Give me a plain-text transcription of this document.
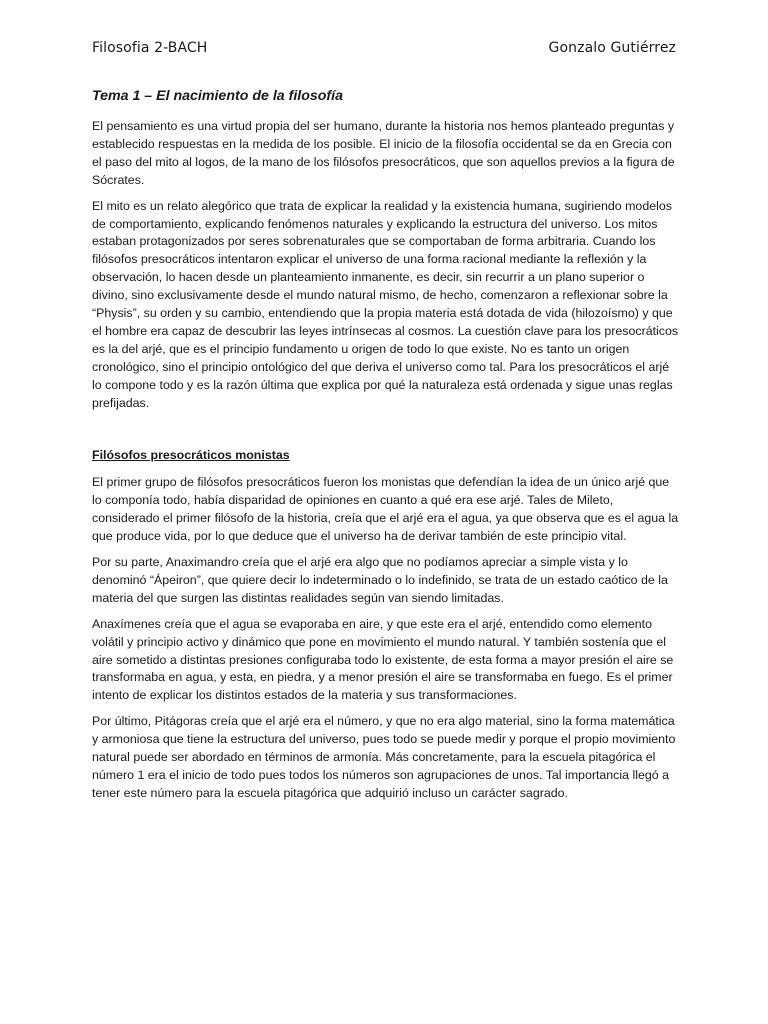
Filosofia 2-BACH	Gonzalo Gutiérrez
Tema 1 – El nacimiento de la filosofía

El pensamiento es una virtud propia del ser humano, durante la historia nos hemos planteado preguntas y establecido respuestas en la medida de los posible. El inicio de la filosofía occidental se da en Grecia con el paso del mito al logos, de la mano de los filósofos presocráticos, que son aquellos previos a la figura de Sócrates.

El mito es un relato alegórico que trata de explicar la realidad y la existencia humana, sugiriendo modelos de comportamiento, explicando fenómenos naturales y explicando la estructura del universo. Los mitos estaban protagonizados por seres sobrenaturales que se comportaban de forma arbitraria. Cuando los filósofos presocráticos intentaron explicar el universo de una forma racional mediante la reflexión y la observación, lo hacen desde un planteamiento inmanente, es decir, sin recurrir a un plano superior o divino, sino exclusivamente desde el mundo natural mismo, de hecho, comenzaron a reflexionar sobre la “Physis”, su orden y su cambio, entendiendo que la propia materia está dotada de vida (hilozoísmo) y que el hombre era capaz de descubrir las leyes intrínsecas al cosmos. La cuestión clave para los presocráticos es la del arjé, que es el principio fundamento u origen de todo lo que existe. No es tanto un origen cronológico, sino el principio ontológico del que deriva el universo como tal. Para los presocráticos el arjé lo compone todo y es la razón última que explica por qué la naturaleza está ordenada y sigue unas reglas prefijadas.

Filósofos presocráticos monistas

El primer grupo de filósofos presocráticos fueron los monistas que defendían la idea de un único arjé que lo componía todo, había disparidad de opiniones en cuanto a qué era ese arjé. Tales de Mileto, considerado el primer filósofo de la historia, creía que el arjé era el agua, ya que observa que es el agua la que produce vida, por lo que deduce que el universo ha de derivar también de este principio vital.

Por su parte, Anaximandro creía que el arjé era algo que no podíamos apreciar a simple vista y lo denominó “Ápeiron”, que quiere decir lo indeterminado o lo indefinido, se trata de un estado caótico de la materia del que surgen las distintas realidades según van siendo limitadas.

Anaxímenes creía que el agua se evaporaba en aire, y que este era el arjé, entendido como elemento volátil y principio activo y dinámico que pone en movimiento el mundo natural. Y también sostenía que el aire sometido a distintas presiones configuraba todo lo existente, de esta forma a mayor presión el aire se transformaba en agua, y esta, en piedra, y a menor presión el aire se transformaba en fuego. Es el primer intento de explicar los distintos estados de la materia y sus transformaciones.

Por último, Pitágoras creía que el arjé era el número, y que no era algo material, sino la forma matemática y armoniosa que tiene la estructura del universo, pues todo se puede medir y porque el propio movimiento natural puede ser abordado en términos de armonía. Más concretamente, para la escuela pitagórica el número 1 era el inicio de todo pues todos los números son agrupaciones de unos. Tal importancia llegó a tener este número para la escuela pitagórica que adquirió incluso un carácter sagrado.
